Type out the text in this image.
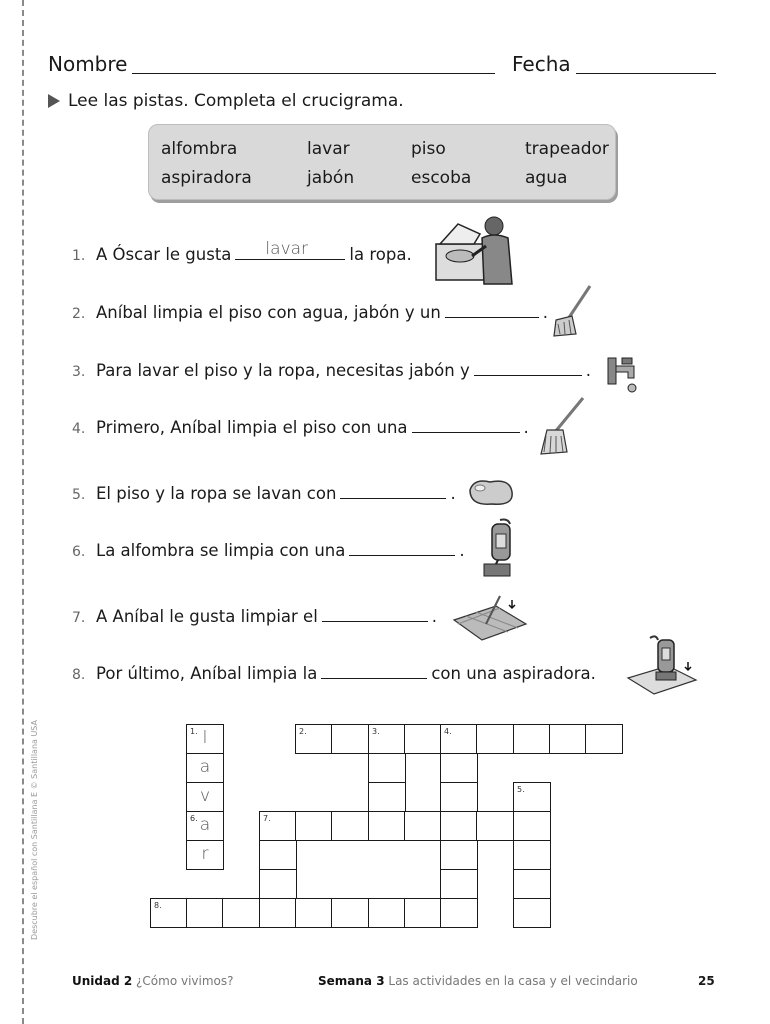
Descubre el español con Santillana E © Santillana USA
Nombre	Fecha
Lee las pistas. Completa el crucigrama.
alfombra	lavar	piso	trapeador
aspiradora	jabón	escoba	agua
1. A Óscar le gusta lavar	la ropa.
2. Aníbal limpia el piso con agua, jabón y un	.
3. Para lavar el piso y la ropa, necesitas jabón y	.
4. Primero, Aníbal limpia el piso con una	.
5. El piso y la ropa se lavan con	.
6. La alfombra se limpia con una	.
7. A Aníbal le gusta limpiar el	.
8. Por último, Aníbal limpia la	con una aspiradora.
1. l	2.	3.	4.
a
v	5.
6. a	7.
r
8.
Unidad 2 ¿Cómo vivimos?	Semana 3 Las actividades en la casa y el vecindario	25
